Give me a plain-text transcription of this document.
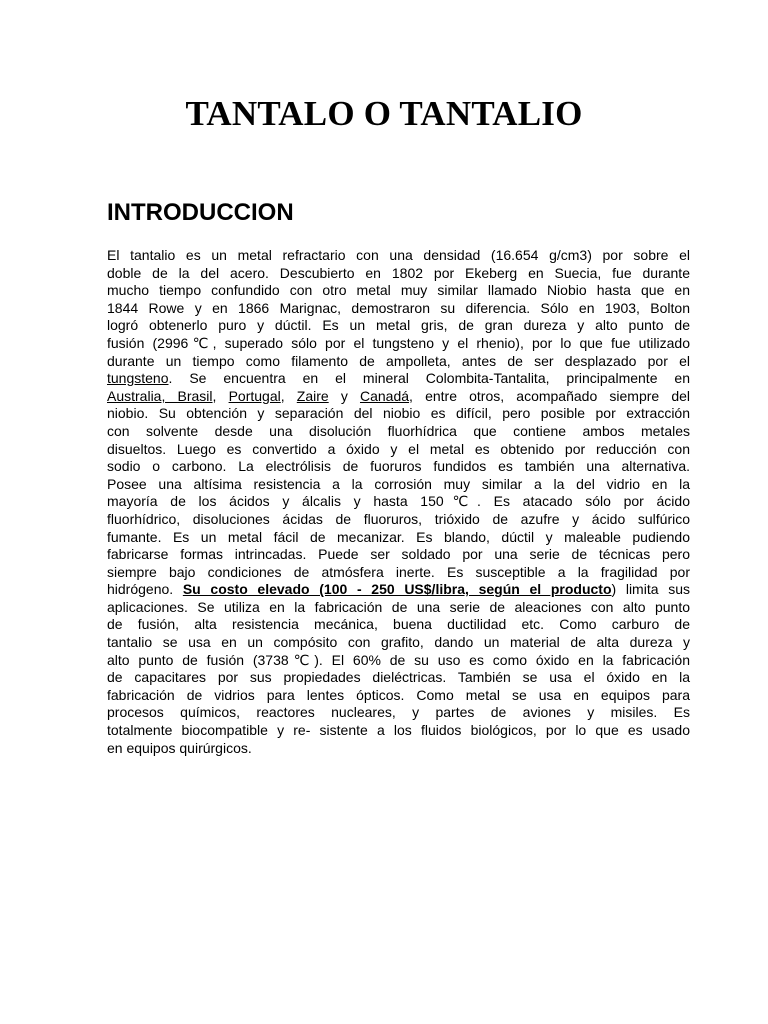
TANTALO O TANTALIO
INTRODUCCION
El tantalio es un metal refractario con una densidad (16.654 g/cm3) por sobre el
doble de la del acero. Descubierto en 1802 por Ekeberg en Suecia, fue durante
mucho tiempo confundido con otro metal muy similar llamado Niobio hasta que en
1844 Rowe y en 1866 Marignac, demostraron su diferencia. Sólo en 1903, Bolton
logró obtenerlo puro y dúctil. Es un metal gris, de gran dureza y alto punto de
fusión (2996℃, superado sólo por el tungsteno y el rhenio), por lo que fue utilizado
durante un tiempo como filamento de ampolleta, antes de ser desplazado por el
tungsteno. Se encuentra en el mineral Colombita-Tantalita, principalmente en
Australia, Brasil, Portugal, Zaire y Canadá, entre otros, acompañado siempre del
niobio. Su obtención y separación del niobio es difícil, pero posible por extracción
con solvente desde una disolución fluorhídrica que contiene ambos metales
disueltos. Luego es convertido a óxido y el metal es obtenido por reducción con
sodio o carbono. La electrólisis de fuoruros fundidos es también una alternativa.
Posee una altísima resistencia a la corrosión muy similar a la del vidrio en la
mayoría de los ácidos y álcalis y hasta 150℃. Es atacado sólo por ácido
fluorhídrico, disoluciones ácidas de fluoruros, trióxido de azufre y ácido sulfúrico
fumante. Es un metal fácil de mecanizar. Es blando, dúctil y maleable pudiendo
fabricarse formas intrincadas. Puede ser soldado por una serie de técnicas pero
siempre bajo condiciones de atmósfera inerte. Es susceptible a la fragilidad por
hidrógeno. Su costo elevado (100 - 250 US$/libra, según el producto) limita sus
aplicaciones. Se utiliza en la fabricación de una serie de aleaciones con alto punto
de fusión, alta resistencia mecánica, buena ductilidad etc. Como carburo de
tantalio se usa en un compósito con grafito, dando un material de alta dureza y
alto punto de fusión (3738℃). El 60% de su uso es como óxido en la fabricación
de capacitares por sus propiedades dieléctricas. También se usa el óxido en la
fabricación de vidrios para lentes ópticos. Como metal se usa en equipos para
procesos químicos, reactores nucleares, y partes de aviones y misiles. Es
totalmente biocompatible y re- sistente a los fluidos biológicos, por lo que es usado
en equipos quirúrgicos.
